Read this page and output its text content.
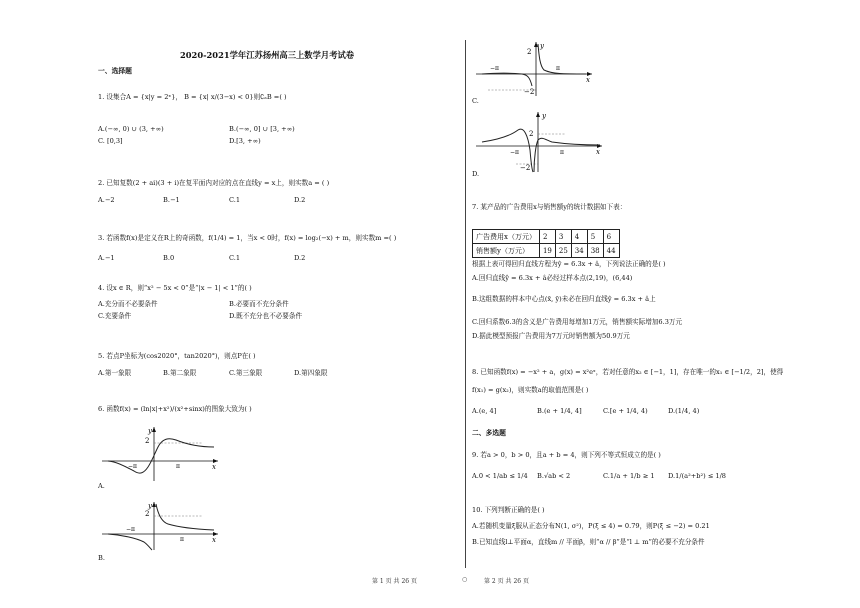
2020-2021学年江苏扬州高三上数学月考试卷
一、选择题
1. 设集合A = {x|y = 2ˣ}， B = {x| x/(3−x) < 0}则∁ₐB =( )
A.(−∞, 0) ∪ (3, +∞)	B.(−∞, 0] ∪ [3, +∞)
C. [0,3]	D.[3, +∞)
2. 已知复数(2 + ai)(3 + i)在复平面内对应的点在直线y = x上，则实数a = ( )
A.−2	B.−1	C.1	D.2
3. 若函数f(x)是定义在R上的奇函数，f(1/4) = 1，当x < 0时，f(x) = log₂(−x) + m，则实数m =( )
A.−1	B.0	C.1	D.2
4. 设x ∈ R，则“x² − 5x < 0”是“|x − 1| < 1”的( )
A.充分而不必要条件	B.必要而不充分条件
C.充要条件	D.既不充分也不必要条件
5. 若点P坐标为(cos2020°，tan2020°)，则点P在( )
A.第一象限	B.第二象限	C.第三象限	D.第四象限
6. 函数f(x) = (ln|x|+x²)/(x²+sinx)的图象大致为( )
2
y
x
−π	π
A.
2
y
x
−π
π
B.
2
y
x
−π	π
−2
C.
2
y
x
−π	π
−2
D.
7. 某产品的广告费用x与销售额y的统计数据如下表：
广告费用x（万元）	2	3	4	5	6
销售额y（万元）	19	25	34	38	44
根据上表可得回归直线方程为ŷ = 6.3x + â，下列说法正确的是( )
A.回归直线ŷ = 6.3x + â必经过样本点(2,19)，(6,44)
B.这组数据的样本中心点(x̄, ȳ)未必在回归直线ŷ = 6.3x + â上
C.回归系数6.3的含义是广告费用每增加1万元，销售额实际增加6.3万元
D.据此模型预报广告费用为7万元时销售额为50.9万元
8. 已知函数f(x) = −x² + a，g(x) = x²eˣ，若对任意的x₂ ∈ [−1，1]，存在唯一的x₁ ∈ [−1/2，2]，使得
f(x₁) = g(x₂)，则实数a的取值范围是( )
A.(e, 4]	B.(e + 1/4, 4]	C.[e + 1/4, 4)	D.(1/4, 4)
二、多选题
9. 若a > 0，b > 0，且a + b = 4，则下列不等式恒成立的是( )
A.0 < 1/ab ≤ 1/4 B.√ab < 2	C.1/a + 1/b ≥ 1 D.1/(a²+b²) ≤ 1/8
10. 下列判断正确的是( )
A.若随机变量ξ服从正态分布N(1, σ²)，P(ξ ≤ 4) = 0.79，则P(ξ ≤ −2) = 0.21
B.已知直线l⊥平面α，直线m // 平面β，则“α // β”是“l ⊥ m”的必要不充分条件
第 1 页 共 26 页	○	第 2 页 共 26 页
